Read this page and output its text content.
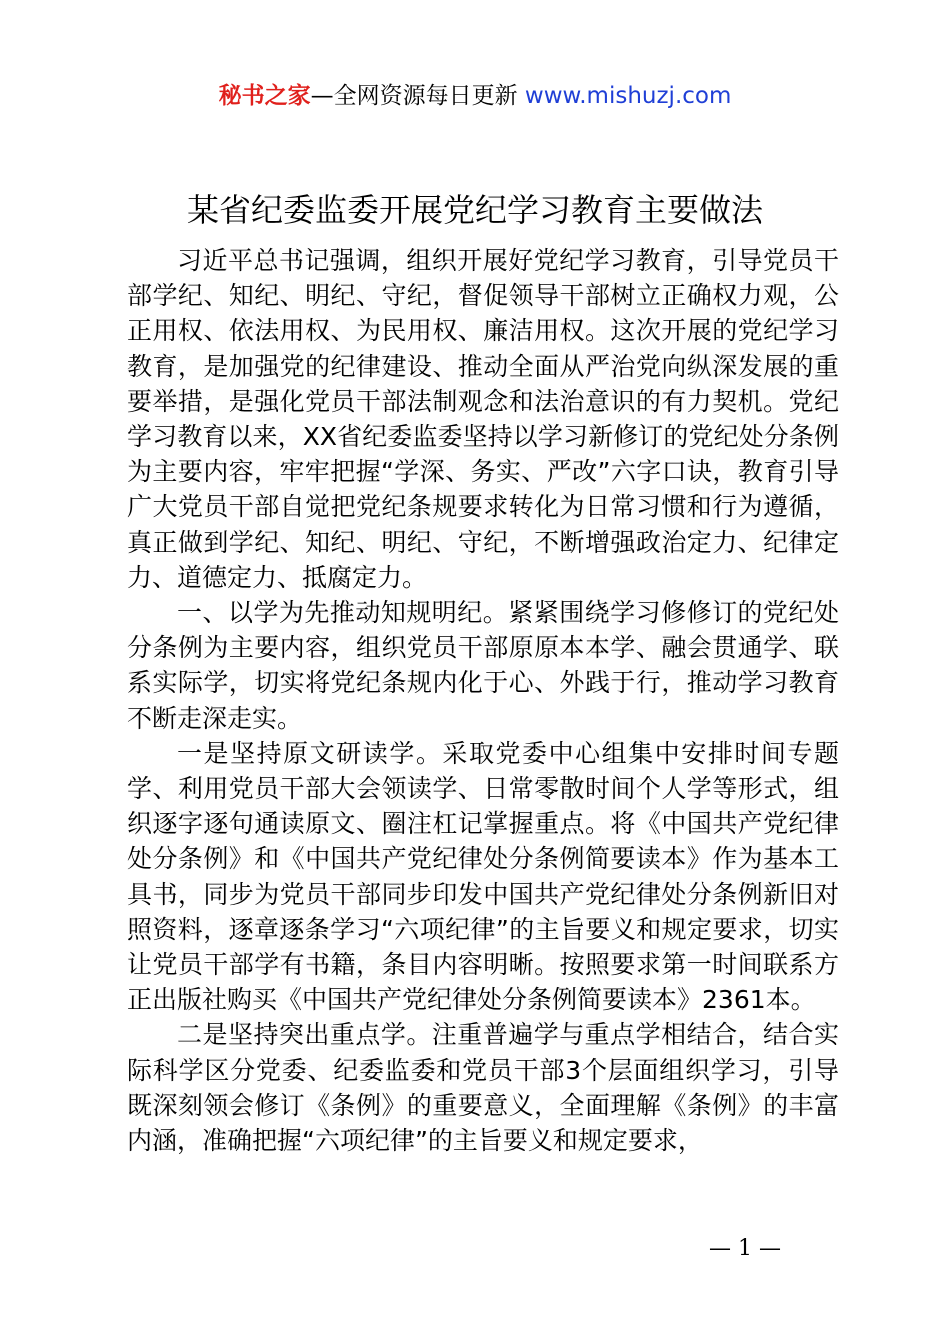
秘书之家—全网资源每日更新 www.mishuzj.com
某省纪委监委开展党纪学习教育主要做法

习近平总书记强调，组织开展好党纪学习教育，引导党员干部学纪、知纪、明纪、守纪，督促领导干部树立正确权力观，公正用权、依法用权、为民用权、廉洁用权。这次开展的党纪学习教育，是加强党的纪律建设、推动全面从严治党向纵深发展的重要举措，是强化党员干部法制观念和法治意识的有力契机。党纪学习教育以来，XX省纪委监委坚持以学习新修订的党纪处分条例为主要内容，牢牢把握“学深、务实、严改”六字口诀，教育引导广大党员干部自觉把党纪条规要求转化为日常习惯和行为遵循，真正做到学纪、知纪、明纪、守纪，不断增强政治定力、纪律定力、道德定力、抵腐定力。

一、以学为先推动知规明纪。紧紧围绕学习修修订的党纪处分条例为主要内容，组织党员干部原原本本学、融会贯通学、联系实际学，切实将党纪条规内化于心、外践于行，推动学习教育不断走深走实。

一是坚持原文研读学。采取党委中心组集中安排时间专题学、利用党员干部大会领读学、日常零散时间个人学等形式，组织逐字逐句通读原文、圈注杠记掌握重点。将《中国共产党纪律处分条例》和《中国共产党纪律处分条例简要读本》作为基本工具书，同步为党员干部同步印发中国共产党纪律处分条例新旧对照资料，逐章逐条学习“六项纪律”的主旨要义和规定要求，切实让党员干部学有书籍，条目内容明晰。按照要求第一时间联系方正出版社购买《中国共产党纪律处分条例简要读本》2361本。

二是坚持突出重点学。注重普遍学与重点学相结合，结合实际科学区分党委、纪委监委和党员干部3个层面组织学习，引导既深刻领会修订《条例》的重要意义，全面理解《条例》的丰富内涵，准确把握“六项纪律”的主旨要义和规定要求，

— 1 —
